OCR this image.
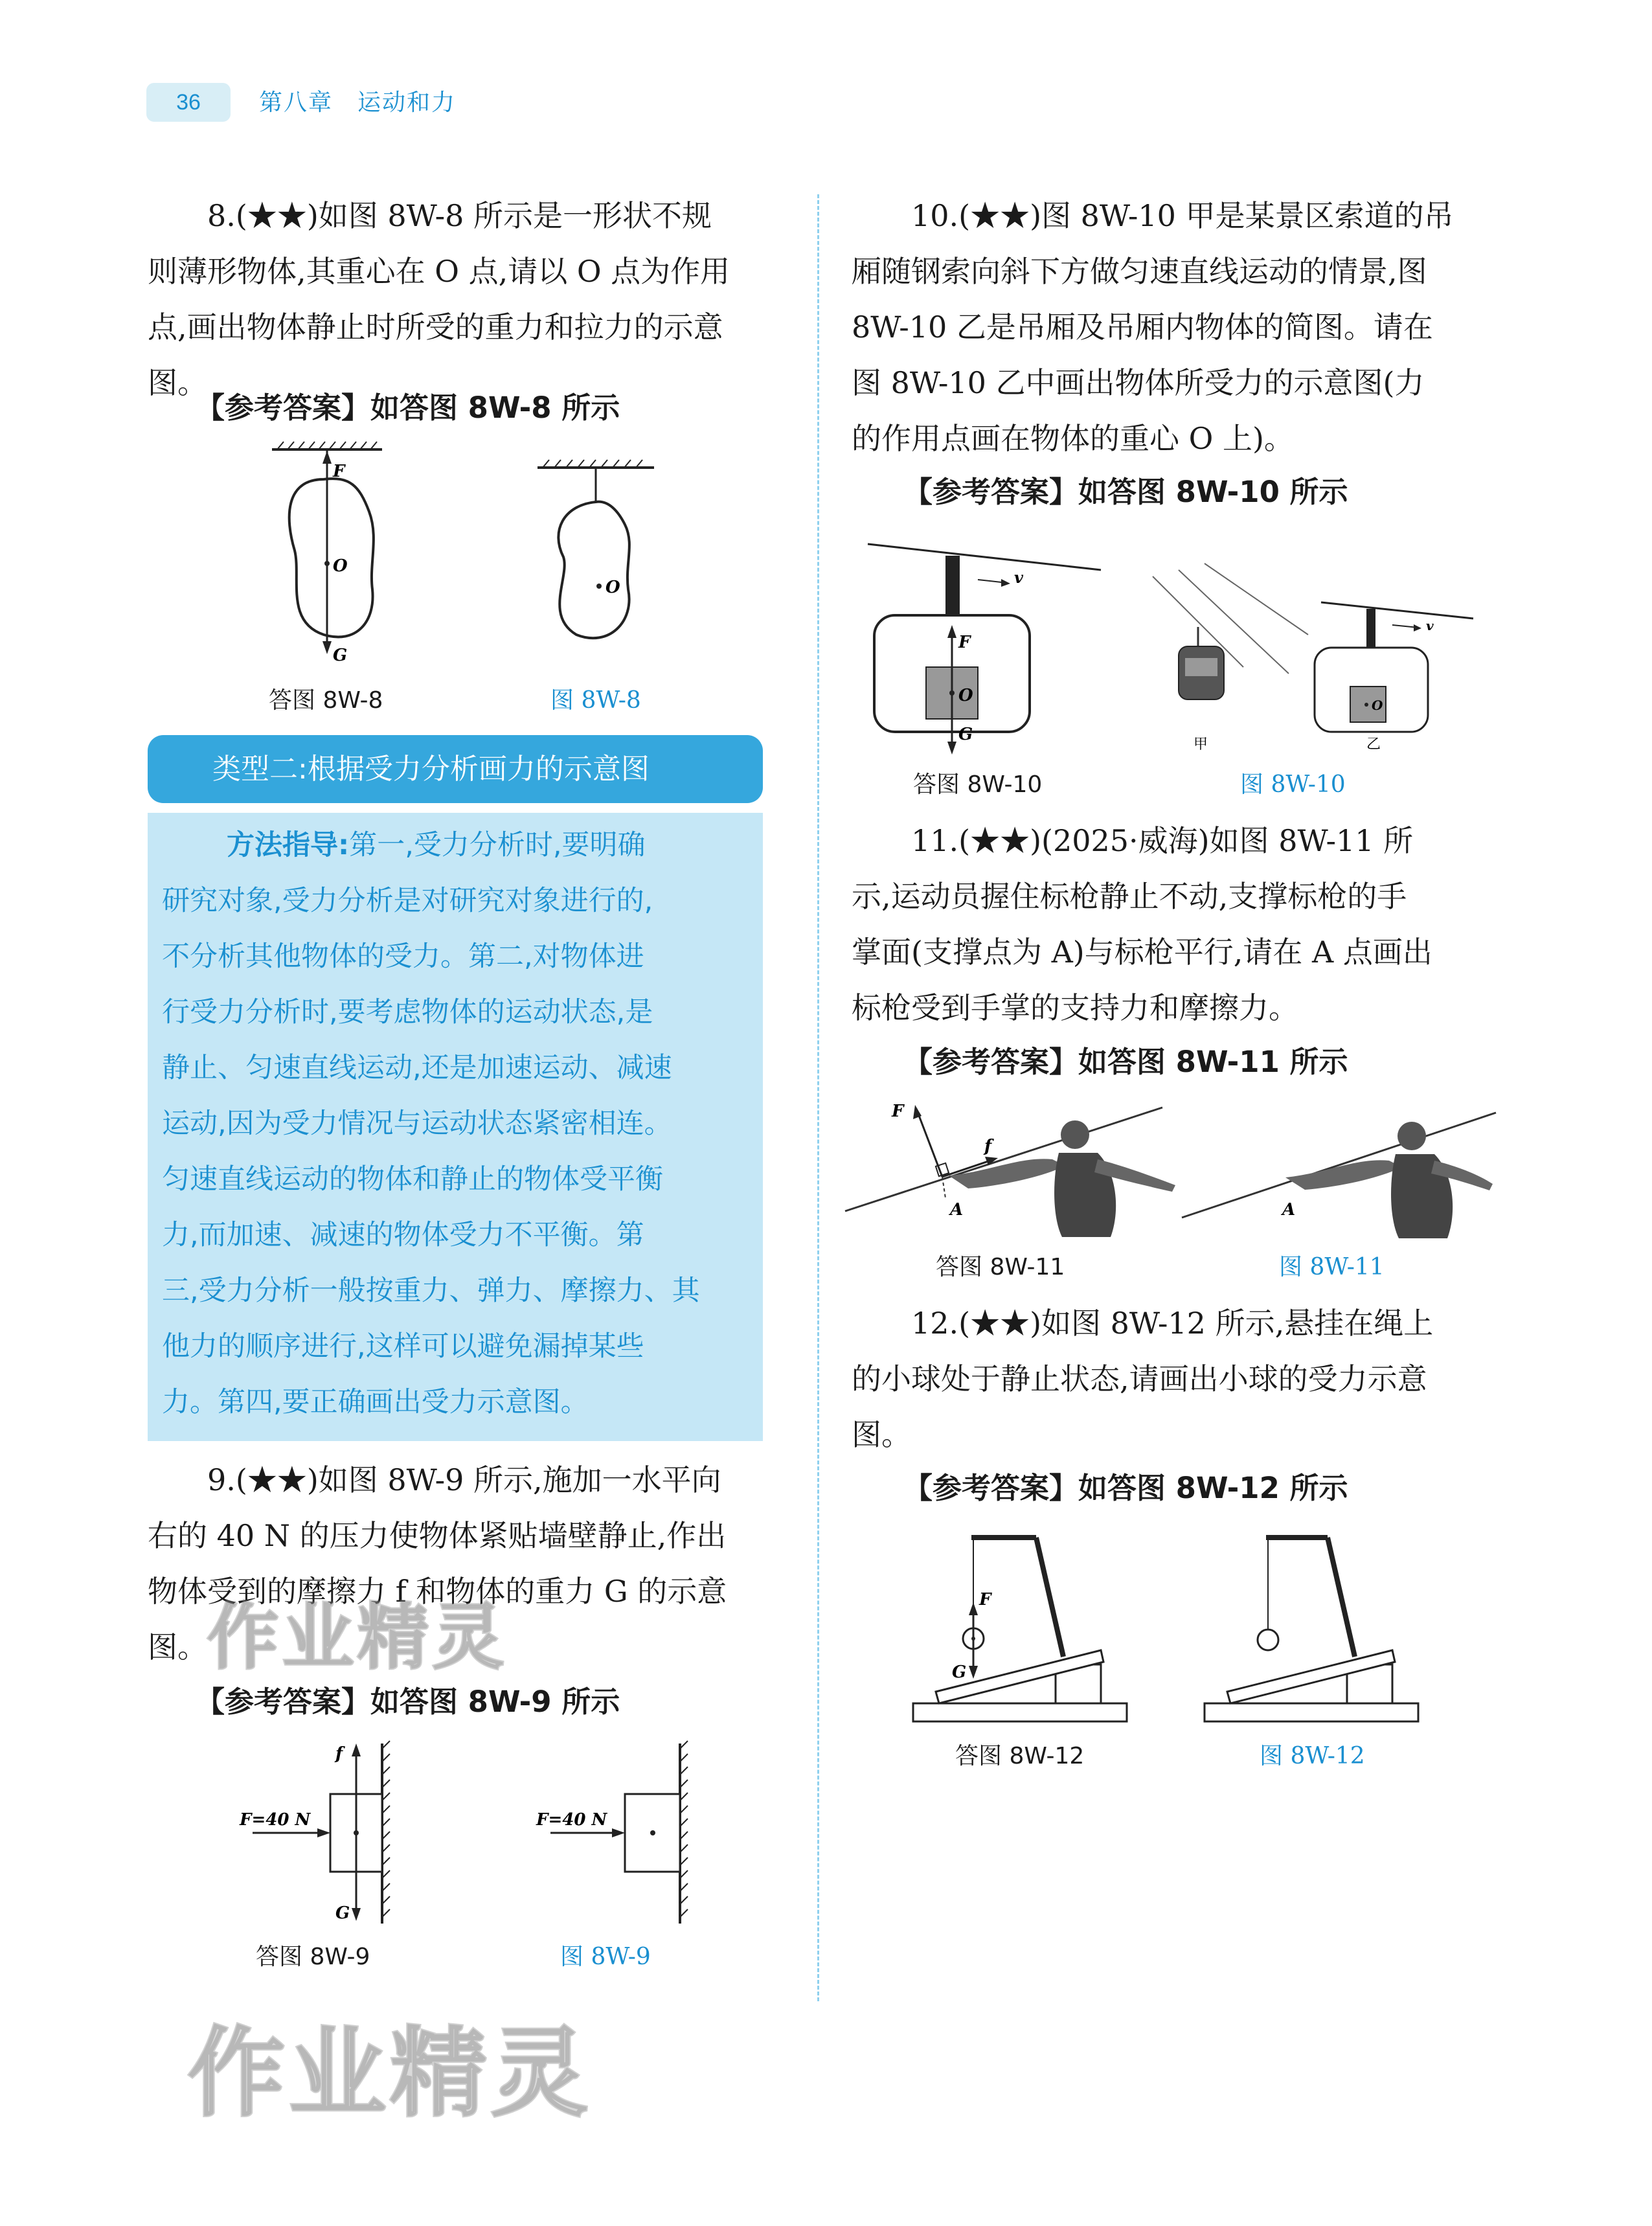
36	第八章　运动和力
8.(★★)如图 8W-8 所示是一形状不规
则薄形物体,其重心在 O 点,请以 O 点为作用
点,画出物体静止时所受的重力和拉力的示意
图。
【参考答案】如答图 8W-8 所示
F
O
G
O
答图 8W-8	图 8W-8
类型二:根据受力分析画力的示意图
方法指导:第一,受力分析时,要明确
研究对象,受力分析是对研究对象进行的,
不分析其他物体的受力。第二,对物体进
行受力分析时,要考虑物体的运动状态,是
静止、匀速直线运动,还是加速运动、减速
运动,因为受力情况与运动状态紧密相连。
匀速直线运动的物体和静止的物体受平衡
力,而加速、减速的物体受力不平衡。第
三,受力分析一般按重力、弹力、摩擦力、其
他力的顺序进行,这样可以避免漏掉某些
力。第四,要正确画出受力示意图。
9.(★★)如图 8W-9 所示,施加一水平向
右的 40 N 的压力使物体紧贴墙壁静止,作出
物体受到的摩擦力 f 和物体的重力 G 的示意
图。
【参考答案】如答图 8W-9 所示
F=40 N
f
G
F=40 N
答图 8W-9	图 8W-9
10.(★★)图 8W-10 甲是某景区索道的吊
厢随钢索向斜下方做匀速直线运动的情景,图
8W-10 乙是吊厢及吊厢内物体的简图。请在
图 8W-10 乙中画出物体所受力的示意图(力
的作用点画在物体的重心 O 上)。
【参考答案】如答图 8W-10 所示
v
F
O
G
甲
v
O
乙
答图 8W-10	图 8W-10
11.(★★)(2025·威海)如图 8W-11 所
示,运动员握住标枪静止不动,支撑标枪的手
掌面(支撑点为 A)与标枪平行,请在 A 点画出
标枪受到手掌的支持力和摩擦力。
【参考答案】如答图 8W-11 所示
F
f
A	A
答图 8W-11	图 8W-11
12.(★★)如图 8W-12 所示,悬挂在绳上
的小球处于静止状态,请画出小球的受力示意
图。
【参考答案】如答图 8W-12 所示
F
G
答图 8W-12	图 8W-12
作业精灵
作业精灵
